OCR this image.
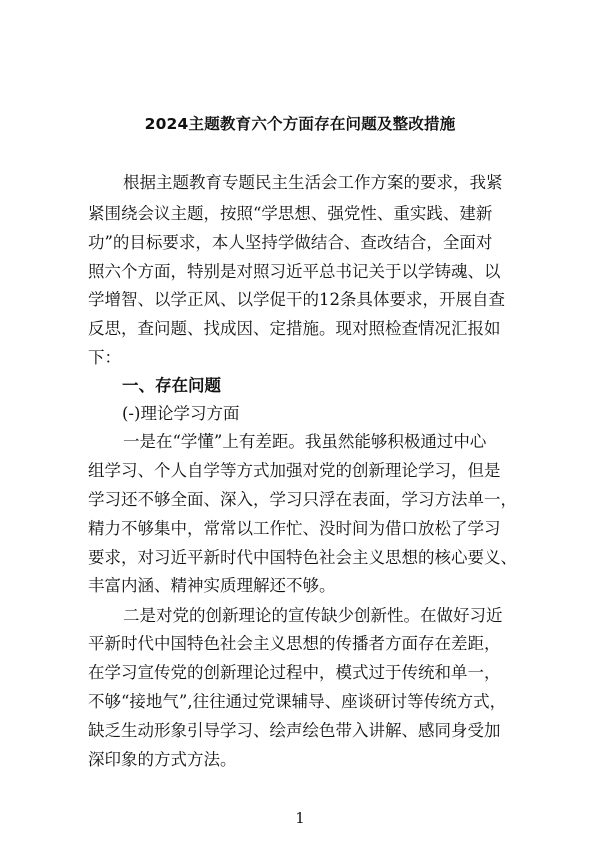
2024主题教育六个方面存在问题及整改措施
根据主题教育专题民主生活会工作方案的要求，我紧
紧围绕会议主题，按照“学思想、强党性、重实践、建新
功”的目标要求，本人坚持学做结合、查改结合，全面对
照六个方面，特别是对照习近平总书记关于以学铸魂、以
学增智、以学正风、以学促干的12条具体要求，开展自查
反思，查问题、找成因、定措施。现对照检查情况汇报如
下：
一、存在问题
(-)理论学习方面
一是在“学懂”上有差距。我虽然能够积极通过中心
组学习、个人自学等方式加强对党的创新理论学习，但是
学习还不够全面、深入，学习只浮在表面，学习方法单一，
精力不够集中，常常以工作忙、没时间为借口放松了学习
要求，对习近平新时代中国特色社会主义思想的核心要义、
丰富内涵、精神实质理解还不够。
二是对党的创新理论的宣传缺少创新性。在做好习近
平新时代中国特色社会主义思想的传播者方面存在差距，
在学习宣传党的创新理论过程中，模式过于传统和单一，
不够“接地气”,往往通过党课辅导、座谈研讨等传统方式，
缺乏生动形象引导学习、绘声绘色带入讲解、感同身受加
深印象的方式方法。
1
